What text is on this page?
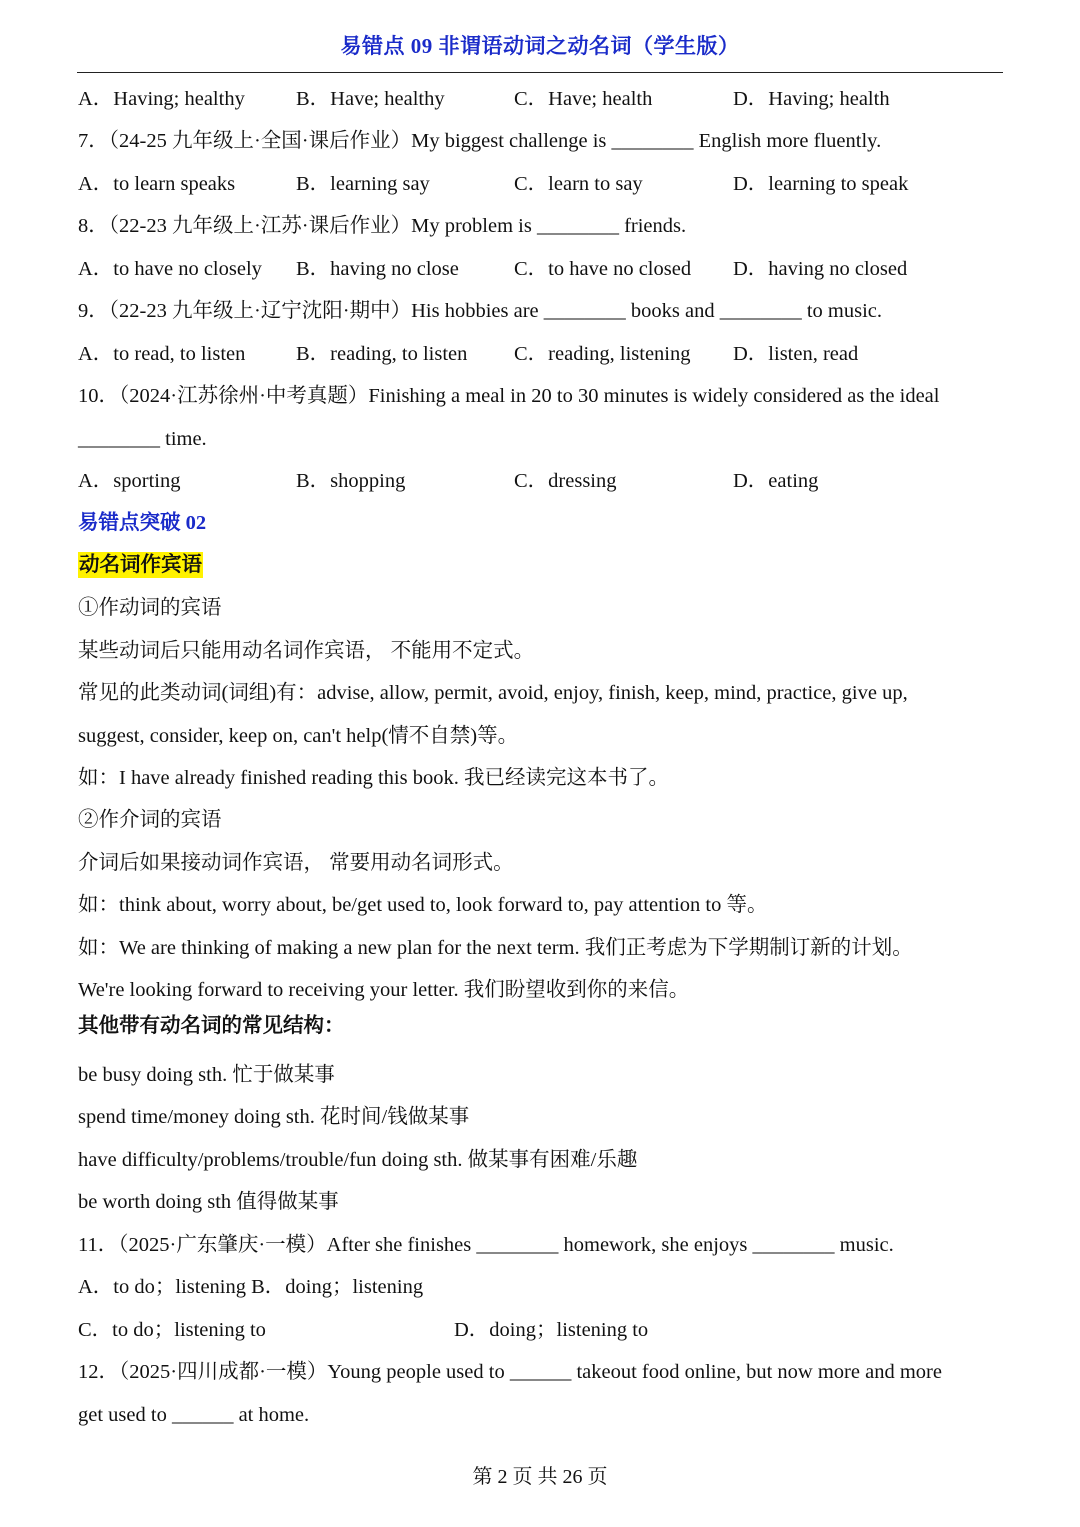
易错点 09 非谓语动词之动名词（学生版）
A．Having; healthy B．Have; healthy	C．Have; health	D．Having; health
7．（24-25 九年级上·全国·课后作业）My biggest challenge is ________ English more fluently.
A．to learn speaks	B．learning say	C．learn to say	D．learning to speak
8．（22-23 九年级上·江苏·课后作业）My problem is ________ friends.
A．to have no closely B．having no close	C．to have no closed D．having no closed
9．（22-23 九年级上·辽宁沈阳·期中）His hobbies are ________ books and ________ to music.
A．to read, to listen B．reading, to listen C．reading, listening D．listen, read
10．（2024·江苏徐州·中考真题）Finishing a meal in 20 to 30 minutes is widely considered as the ideal
________ time.
A．sporting	B．shopping	C．dressing	D．eating
易错点突破 02
动名词作宾语
①作动词的宾语
某些动词后只能用动名词作宾语， 不能用不定式。
常见的此类动词(词组)有：advise, allow, permit, avoid, enjoy, finish, keep, mind, practice, give up,
suggest, consider, keep on, can't help(情不自禁)等。
如：I have already finished reading this book. 我已经读完这本书了。
②作介词的宾语
介词后如果接动词作宾语， 常要用动名词形式。
如：think about, worry about, be/get used to, look forward to, pay attention to 等。
如：We are thinking of making a new plan for the next term. 我们正考虑为下学期制订新的计划。
We're looking forward to receiving your letter. 我们盼望收到你的来信。
其他带有动名词的常见结构：
be busy doing sth. 忙于做某事
spend time/money doing sth. 花时间/钱做某事
have difficulty/problems/trouble/fun doing sth. 做某事有困难/乐趣
be worth doing sth 值得做某事
11．（2025·广东肇庆·一模）After she finishes ________ homework, she enjoys ________ music.
A．to do；listening B．doing；listening
C．to do；listening to	D．doing；listening to
12．（2025·四川成都·一模）Young people used to ______ takeout food online, but now more and more
get used to ______ at home.
第 2 页 共 26 页
